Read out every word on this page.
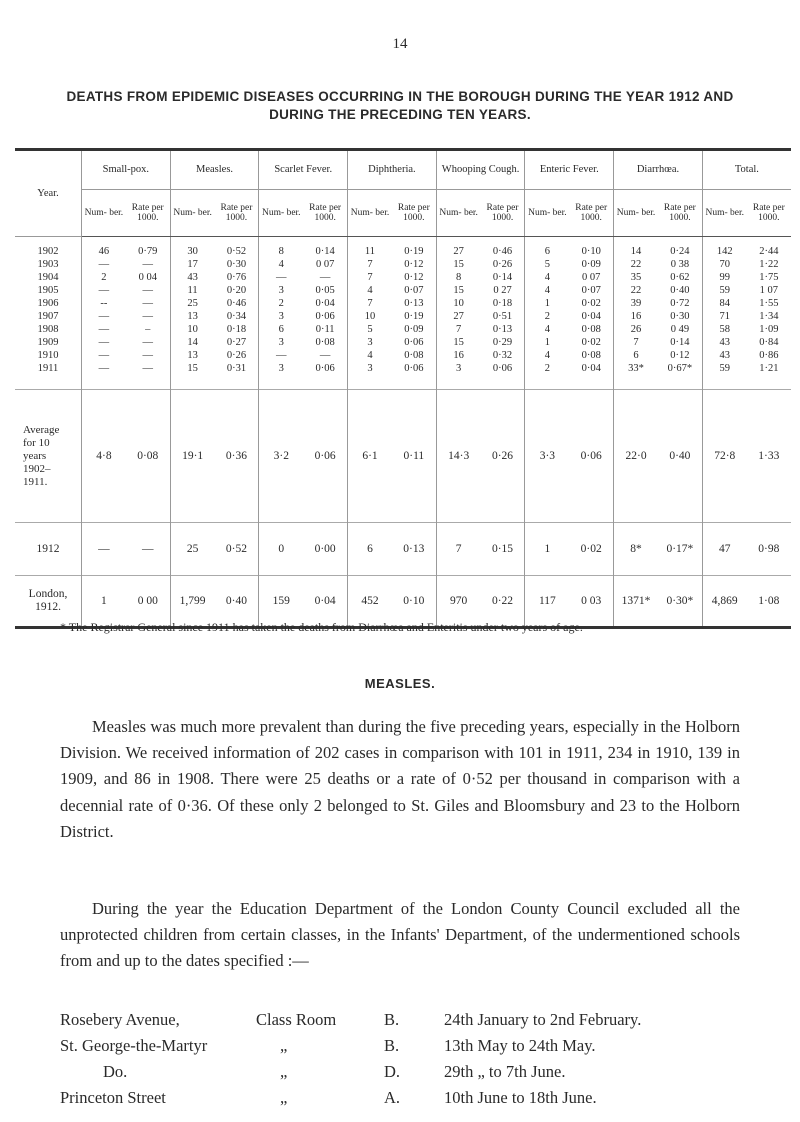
14
DEATHS FROM EPIDEMIC DISEASES OCCURRING IN THE BOROUGH DURING THE YEAR 1912 AND DURING THE PRECEDING TEN YEARS.
Year.	Small-pox.		Measles.		Scarlet Fever.		Diphtheria.		Whooping Cough.		Enteric Fever.		Diarrhœa.		Total.	
	Num- ber.	Rate per 1000.	Num- ber.	Rate per 1000.	Num- ber.	Rate per 1000.	Num- ber.	Rate per 1000.	Num- ber.	Rate per 1000.	Num- ber.	Rate per 1000.	Num- ber.	Rate per 1000.	Num- ber.	Rate per 1000.
1902	46	0·79	30	0·52	8	0·14	11	0·19	27	0·46	6	0·10	14	0·24	142	2·44
1903	—	—	17	0·30	4	0 07	7	0·12	15	0·26	5	0·09	22	0 38	70	1·22
1904	2	0 04	43	0·76	—	—	7	0·12	8	0·14	4	0 07	35	0·62	99	1·75
1905	—	—	11	0·20	3	0·05	4	0·07	15	0 27	4	0·07	22	0·40	59	1 07
1906	--	—	25	0·46	2	0·04	7	0·13	10	0·18	1	0·02	39	0·72	84	1·55
1907	—	—	13	0·34	3	0·06	10	0·19	27	0·51	2	0·04	16	0·30	71	1·34
1908	—	–	10	0·18	6	0·11	5	0·09	7	0·13	4	0·08	26	0 49	58	1·09
1909	—	—	14	0·27	3	0·08	3	0·06	15	0·29	1	0·02	7	0·14	43	0·84
1910	—	—	13	0·26	—	—	4	0·08	16	0·32	4	0·08	6	0·12	43	0·86
1911	—	—	15	0·31	3	0·06	3	0·06	3	0·06	2	0·04	33*	0·67*	59	1·21
Average
for 10
years
1902–
1911.	4·8	0·08	19·1	0·36	3·2	0·06	6·1	0·11	14·3	0·26	3·3	0·06	22·0	0·40	72·8	1·33
1912	—	—	25	0·52	0	0·00	6	0·13	7	0·15	1	0·02	8*	0·17*	47	0·98
London,
1912.	1	0 00	1,799	0·40	159	0·04	452	0·10	970	0·22	117	0 03	1371*	0·30*	4,869	1·08
* The Registrar General since 1911 has taken the deaths from Diarrhœa and Enteritis under two years of age.
MEASLES.

Measles was much more prevalent than during the five preceding years, especially in the Holborn Division. We received information of 202 cases in comparison with 101 in 1911, 234 in 1910, 139 in 1909, and 86 in 1908. There were 25 deaths or a rate of 0·52 per thousand in comparison with a decennial rate of 0·36. Of these only 2 belonged to St. Giles and Bloomsbury and 23 to the Holborn District.

During the year the Education Department of the London County Council excluded all the unprotected children from certain classes, in the Infants' Department, of the undermentioned schools from and up to the dates specified :—

Rosebery Avenue,	Class Room	B.	24th January to 2nd February.
St. George-the-Martyr	„	B.	13th May to 24th May.
Do.	„	D.	29th „ to 7th June.
Princeton Street	„	A.	10th June to 18th June.
